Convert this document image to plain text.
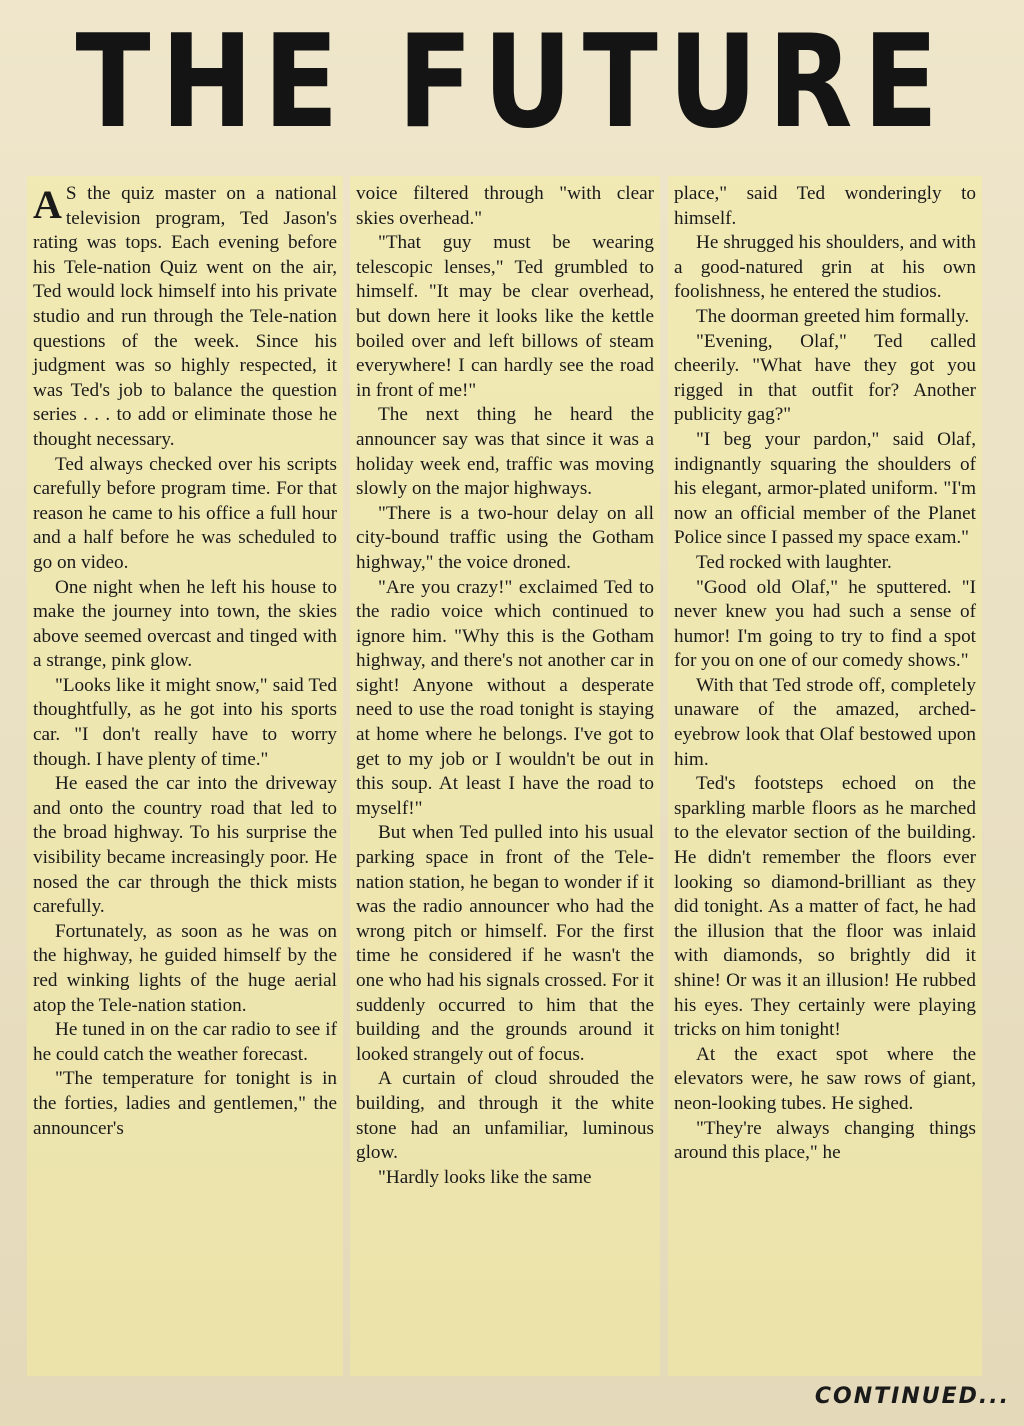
THE FUTURE

A S the quiz master on a national television program, Ted Jason's rating was tops. Each evening before his Tele-nation Quiz went on the air, Ted would lock himself into his private studio and run through the Tele-nation questions of the week. Since his judgment was so highly respected, it was Ted's job to balance the question series . . . to add or eliminate those he thought necessary.

Ted always checked over his scripts carefully before program time. For that reason he came to his office a full hour and a half before he was scheduled to go on video.

One night when he left his house to make the journey into town, the skies above seemed overcast and tinged with a strange, pink glow.

"Looks like it might snow," said Ted thoughtfully, as he got into his sports car. "I don't really have to worry though. I have plenty of time."

He eased the car into the driveway and onto the country road that led to the broad highway. To his surprise the visibility became increasingly poor. He nosed the car through the thick mists carefully.

Fortunately, as soon as he was on the highway, he guided himself by the red winking lights of the huge aerial atop the Tele-nation station.

He tuned in on the car radio to see if he could catch the weather forecast.

"The temperature for tonight is in the forties, ladies and gentlemen," the announcer's

voice filtered through "with clear skies overhead."

"That guy must be wearing telescopic lenses," Ted grumbled to himself. "It may be clear overhead, but down here it looks like the kettle boiled over and left billows of steam everywhere! I can hardly see the road in front of me!"

The next thing he heard the announcer say was that since it was a holiday week end, traffic was moving slowly on the major highways.

"There is a two-hour delay on all city-bound traffic using the Gotham highway," the voice droned.

"Are you crazy!" exclaimed Ted to the radio voice which continued to ignore him. "Why this is the Gotham highway, and there's not another car in sight! Anyone without a desperate need to use the road tonight is staying at home where he belongs. I've got to get to my job or I wouldn't be out in this soup. At least I have the road to myself!"

But when Ted pulled into his usual parking space in front of the Tele-nation station, he began to wonder if it was the radio announcer who had the wrong pitch or himself. For the first time he considered if he wasn't the one who had his signals crossed. For it suddenly occurred to him that the building and the grounds around it looked strangely out of focus.

A curtain of cloud shrouded the building, and through it the white stone had an unfamiliar, luminous glow.

"Hardly looks like the same

place," said Ted wonderingly to himself.

He shrugged his shoulders, and with a good-natured grin at his own foolishness, he entered the studios.

The doorman greeted him formally.

"Evening, Olaf," Ted called cheerily. "What have they got you rigged in that outfit for? Another publicity gag?"

"I beg your pardon," said Olaf, indignantly squaring the shoulders of his elegant, armor-plated uniform. "I'm now an official member of the Planet Police since I passed my space exam."

Ted rocked with laughter.

"Good old Olaf," he sputtered. "I never knew you had such a sense of humor! I'm going to try to find a spot for you on one of our comedy shows."

With that Ted strode off, completely unaware of the amazed, arched-eyebrow look that Olaf bestowed upon him.

Ted's footsteps echoed on the sparkling marble floors as he marched to the elevator section of the building. He didn't remember the floors ever looking so diamond-brilliant as they did tonight. As a matter of fact, he had the illusion that the floor was inlaid with diamonds, so brightly did it shine! Or was it an illusion! He rubbed his eyes. They certainly were playing tricks on him tonight!

At the exact spot where the elevators were, he saw rows of giant, neon-looking tubes. He sighed.

"They're always changing things around this place," he

CONTINUED...
